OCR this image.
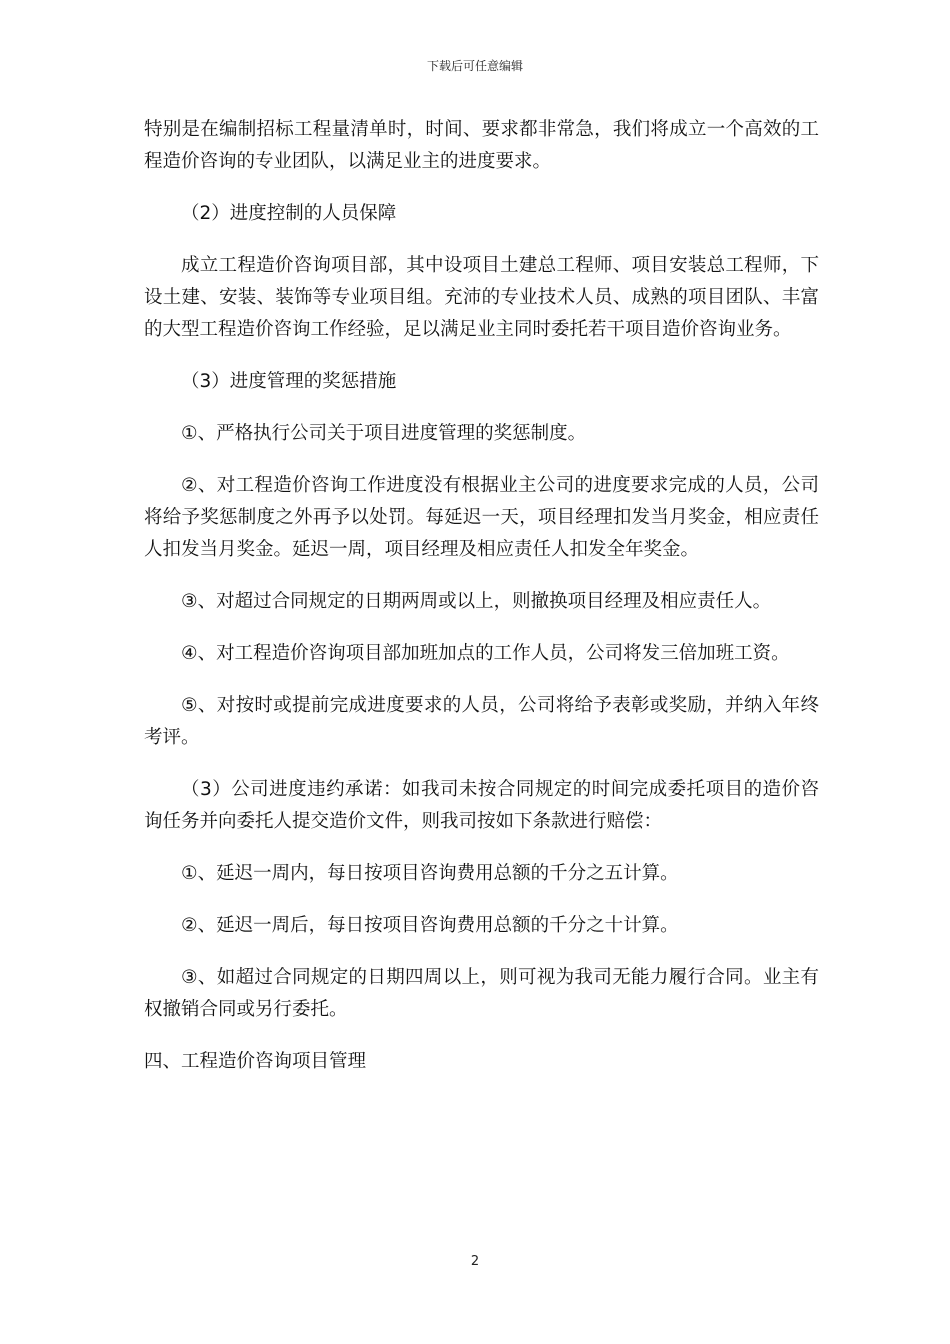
下载后可任意编辑

特别是在编制招标工程量清单时，时间、要求都非常急，我们将成立一个高效的工程造价咨询的专业团队，以满足业主的进度要求。

（2）进度控制的人员保障

成立工程造价咨询项目部，其中设项目土建总工程师、项目安装总工程师，下设土建、安装、装饰等专业项目组。充沛的专业技术人员、成熟的项目团队、丰富的大型工程造价咨询工作经验，足以满足业主同时委托若干项目造价咨询业务。

（3）进度管理的奖惩措施

①、严格执行公司关于项目进度管理的奖惩制度。

②、对工程造价咨询工作进度没有根据业主公司的进度要求完成的人员，公司将给予奖惩制度之外再予以处罚。每延迟一天，项目经理扣发当月奖金，相应责任人扣发当月奖金。延迟一周，项目经理及相应责任人扣发全年奖金。

③、对超过合同规定的日期两周或以上，则撤换项目经理及相应责任人。

④、对工程造价咨询项目部加班加点的工作人员，公司将发三倍加班工资。

⑤、对按时或提前完成进度要求的人员，公司将给予表彰或奖励，并纳入年终考评。

（3）公司进度违约承诺：如我司未按合同规定的时间完成委托项目的造价咨询任务并向委托人提交造价文件，则我司按如下条款进行赔偿：

①、延迟一周内，每日按项目咨询费用总额的千分之五计算。

②、延迟一周后，每日按项目咨询费用总额的千分之十计算。

③、如超过合同规定的日期四周以上，则可视为我司无能力履行合同。业主有权撤销合同或另行委托。

四、工程造价咨询项目管理

2
